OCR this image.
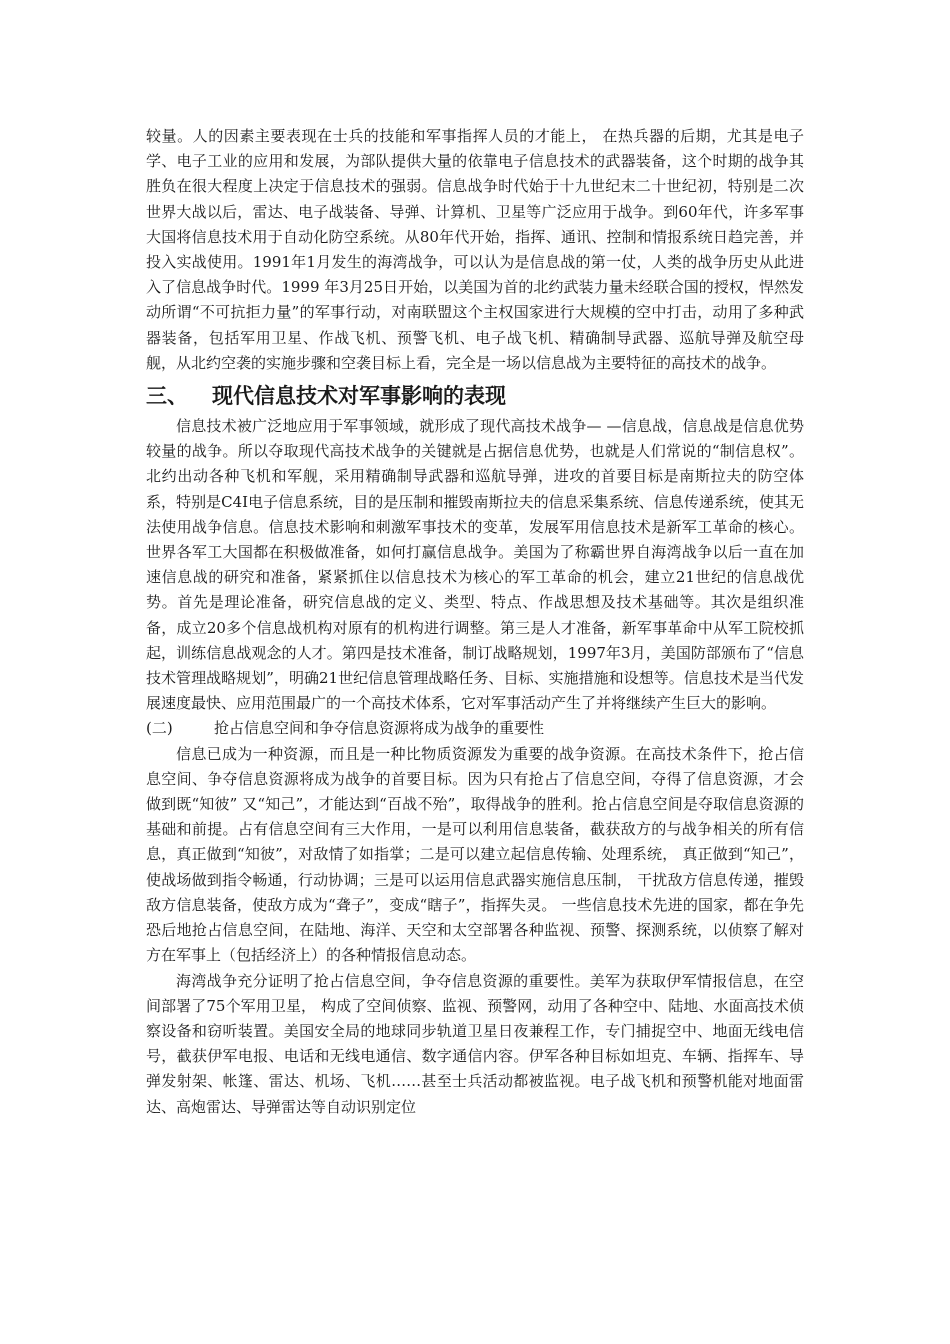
较量。人的因素主要表现在士兵的技能和军事指挥人员的才能上， 在热兵器的后期，尤其是电子学、电子工业的应用和发展，为部队提供大量的依靠电子信息技术的武器装备，这个时期的战争其胜负在很大程度上决定于信息技术的强弱。信息战争时代始于十九世纪末二十世纪初，特别是二次世界大战以后，雷达、电子战装备、导弹、计算机、卫星等广泛应用于战争。到60年代，许多军事大国将信息技术用于自动化防空系统。从80年代开始，指挥、通讯、控制和情报系统日趋完善，并投入实战使用。1991年1月发生的海湾战争，可以认为是信息战的第一仗，人类的战争历史从此进入了信息战争时代。1999 年3月25日开始，以美国为首的北约武装力量未经联合国的授权，悍然发动所谓“不可抗拒力量”的军事行动，对南联盟这个主权国家进行大规模的空中打击，动用了多种武器装备，包括军用卫星、作战飞机、预警飞机、电子战飞机、精确制导武器、巡航导弹及航空母舰，从北约空袭的实施步骤和空袭目标上看，完全是一场以信息战为主要特征的高技术的战争。

三、	现代信息技术对军事影响的表现

信息技术被广泛地应用于军事领域，就形成了现代高技术战争— —信息战，信息战是信息优势较量的战争。所以夺取现代高技术战争的关键就是占据信息优势，也就是人们常说的“制信息权”。北约出动各种飞机和军舰，采用精确制导武器和巡航导弹，进攻的首要目标是南斯拉夫的防空体系，特别是C4I电子信息系统，目的是压制和摧毁南斯拉夫的信息采集系统、信息传递系统，使其无法使用战争信息。信息技术影响和刺激军事技术的变革，发展军用信息技术是新军工革命的核心。世界各军工大国都在积极做准备，如何打赢信息战争。美国为了称霸世界自海湾战争以后一直在加速信息战的研究和准备，紧紧抓住以信息技术为核心的军工革命的机会，建立21世纪的信息战优势。首先是理论准备，研究信息战的定义、类型、特点、作战思想及技术基础等。其次是组织准备，成立20多个信息战机构对原有的机构进行调整。第三是人才准备，新军事革命中从军工院校抓起，训练信息战观念的人才。第四是技术准备，制订战略规划，1997年3月，美国防部颁布了“信息技术管理战略规划”，明确21世纪信息管理战略任务、目标、实施措施和设想等。信息技术是当代发展速度最快、应用范围最广的一个高技术体系，它对军事活动产生了并将继续产生巨大的影响。

(二)	抢占信息空间和争夺信息资源将成为战争的重要性

信息已成为一种资源，而且是一种比物质资源发为重要的战争资源。在高技术条件下，抢占信息空间、争夺信息资源将成为战争的首要目标。因为只有抢占了信息空间，夺得了信息资源，才会做到既“知彼” 又“知己”，才能达到“百战不殆”，取得战争的胜利。抢占信息空间是夺取信息资源的基础和前提。占有信息空间有三大作用，一是可以利用信息装备，截获敌方的与战争相关的所有信息，真正做到“知彼”，对敌情了如指掌；二是可以建立起信息传输、处理系统， 真正做到“知己”，使战场做到指令畅通，行动协调；三是可以运用信息武器实施信息压制， 干扰敌方信息传递，摧毁敌方信息装备，使敌方成为“聋子”，变成“瞎子”，指挥失灵。 一些信息技术先进的国家，都在争先恐后地抢占信息空间，在陆地、海洋、天空和太空部署各种监视、预警、探测系统，以侦察了解对方在军事上（包括经济上）的各种情报信息动态。

海湾战争充分证明了抢占信息空间，争夺信息资源的重要性。美军为获取伊军情报信息，在空间部署了75个军用卫星， 构成了空间侦察、监视、预警网，动用了各种空中、陆地、水面高技术侦察设备和窃听装置。美国安全局的地球同步轨道卫星日夜兼程工作，专门捕捉空中、地面无线电信号，截获伊军电报、电话和无线电通信、数字通信内容。伊军各种目标如坦克、车辆、指挥车、导弹发射架、帐篷、雷达、机场、飞机……甚至士兵活动都被监视。电子战飞机和预警机能对地面雷达、高炮雷达、导弹雷达等自动识别定位
